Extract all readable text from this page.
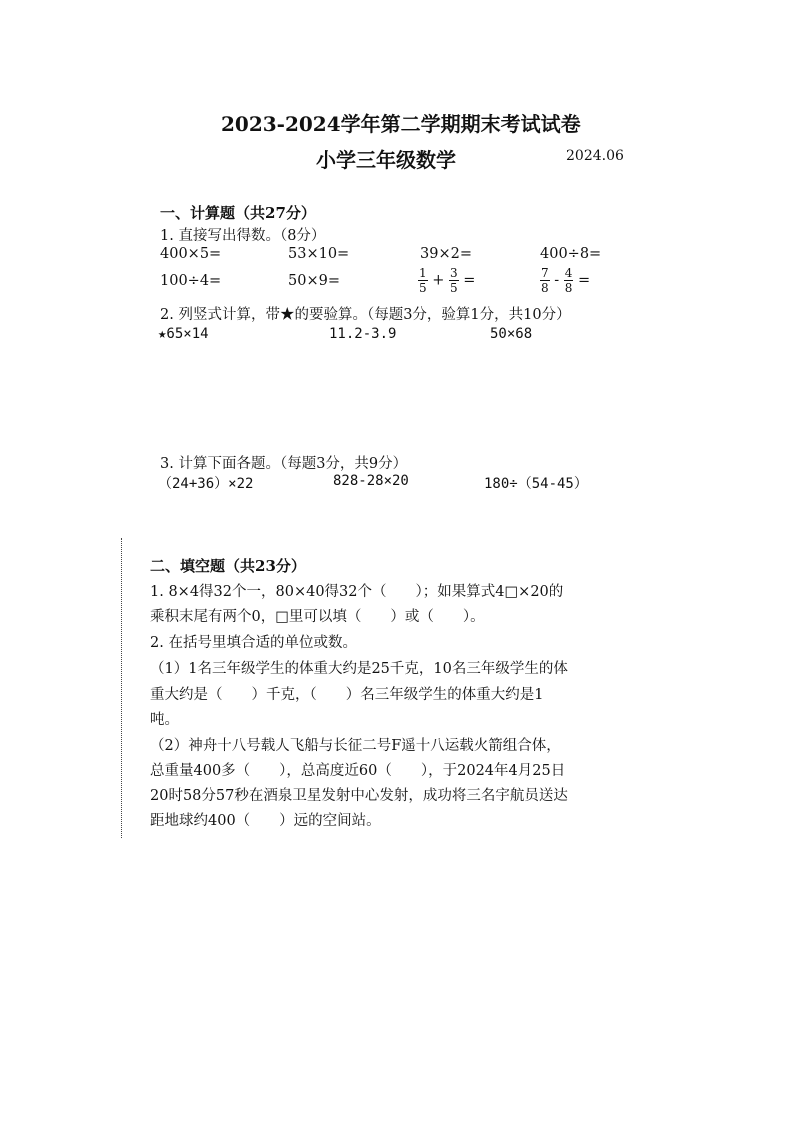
2023-2024学年第二学期期末考试试卷
小学三年级数学	2024.06
一、计算题（共27分）
1. 直接写出得数。（8分）
400×5=	53×10=	39×2=	400÷8=
100÷4=	50×9=	$\frac{1}{5} + \frac{3}{5}$ =	$\frac{7}{8} - \frac{4}{8}$ =
2. 列竖式计算，带★的要验算。（每题3分，验算1分，共10分）
★65×14	11.2-3.9	50×68
3. 计算下面各题。（每题3分，共9分）
（24+36）×22	828-28×20	180÷（54-45）
二、填空题（共23分）
1. 8×4得32个一，80×40得32个（　　）；如果算式4□×20的
乘积末尾有两个0，□里可以填（　　）或（　　）。
2. 在括号里填合适的单位或数。
（1）1名三年级学生的体重大约是25千克，10名三年级学生的体
重大约是（　　）千克，（　　）名三年级学生的体重大约是1
吨。
（2）神舟十八号载人飞船与长征二号F遥十八运载火箭组合体，
总重量400多（　　），总高度近60（　　），于2024年4月25日
20时58分57秒在酒泉卫星发射中心发射，成功将三名宇航员送达
距地球约400（　　）远的空间站。
